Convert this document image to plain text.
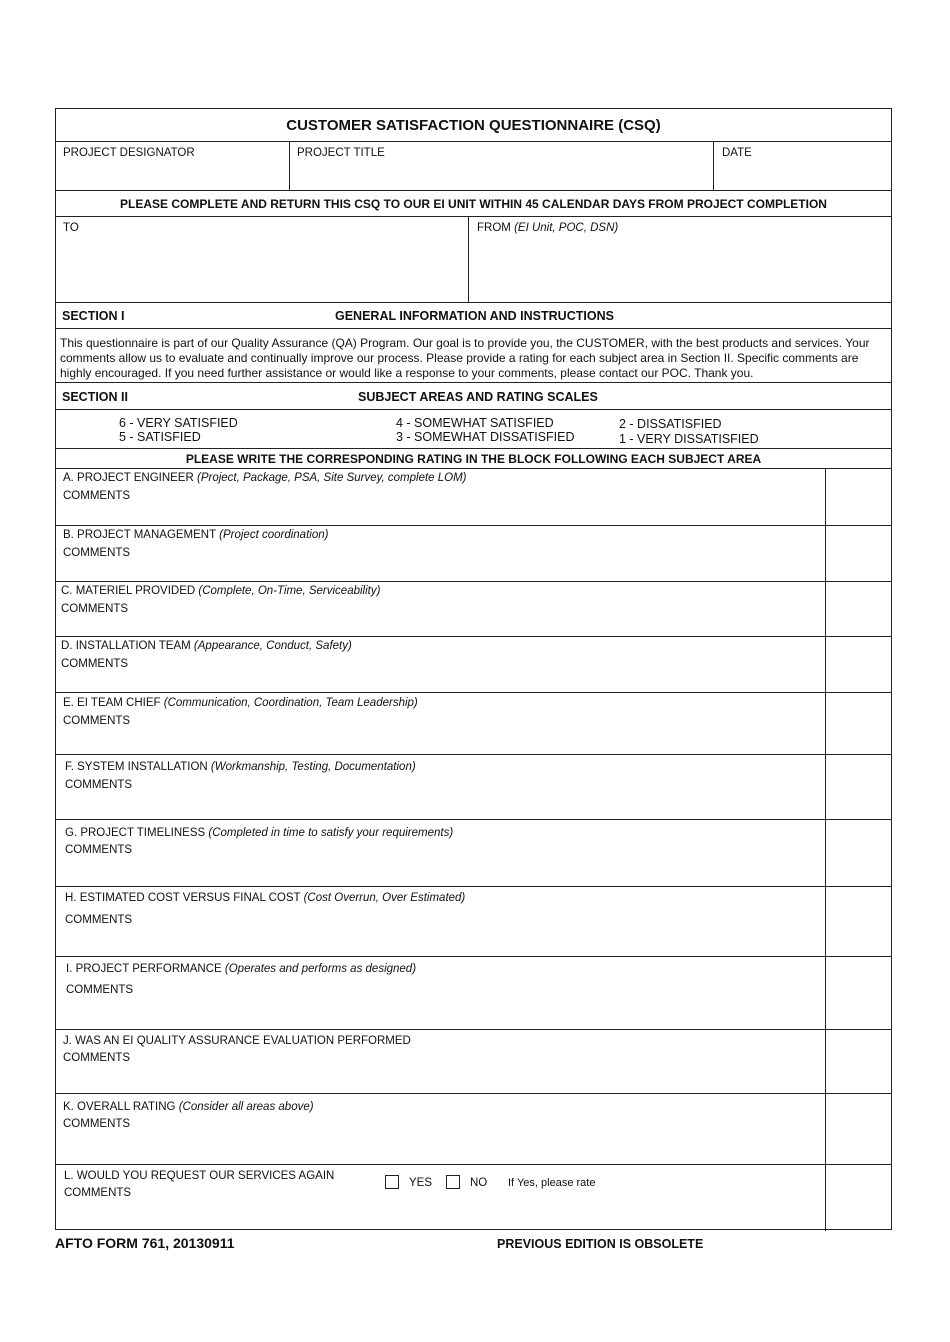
CUSTOMER SATISFACTION QUESTIONNAIRE (CSQ)
PROJECT DESIGNATOR	PROJECT TITLE	DATE
PLEASE COMPLETE AND RETURN THIS CSQ TO OUR EI UNIT WITHIN 45 CALENDAR DAYS FROM PROJECT COMPLETION
TO	FROM (EI Unit, POC, DSN)
SECTION I	GENERAL INFORMATION AND INSTRUCTIONS
This questionnaire is part of our Quality Assurance (QA) Program. Our goal is to provide you, the CUSTOMER, with the best products and services. Your comments allow us to evaluate and continually improve our process. Please provide a rating for each subject area in Section II. Specific comments are highly encouraged. If you need further assistance or would like a response to your comments, please contact our POC. Thank you.
SECTION II	SUBJECT AREAS AND RATING SCALES
6 - VERY SATISFIED
5 - SATISFIED
4 - SOMEWHAT SATISFIED
3 - SOMEWHAT DISSATISFIED
2 - DISSATISFIED
1 - VERY DISSATISFIED
PLEASE WRITE THE CORRESPONDING RATING IN THE BLOCK FOLLOWING EACH SUBJECT AREA
A. PROJECT ENGINEER (Project, Package, PSA, Site Survey, complete LOM)
COMMENTS
B. PROJECT MANAGEMENT (Project coordination)
COMMENTS
C. MATERIEL PROVIDED (Complete, On-Time, Serviceability)
COMMENTS
D. INSTALLATION TEAM (Appearance, Conduct, Safety)
COMMENTS
E. EI TEAM CHIEF (Communication, Coordination, Team Leadership)
COMMENTS
F. SYSTEM INSTALLATION (Workmanship, Testing, Documentation)
COMMENTS
G. PROJECT TIMELINESS (Completed in time to satisfy your requirements)
COMMENTS
H. ESTIMATED COST VERSUS FINAL COST (Cost Overrun, Over Estimated)
COMMENTS
I. PROJECT PERFORMANCE (Operates and performs as designed)
COMMENTS
J. WAS AN EI QUALITY ASSURANCE EVALUATION PERFORMED
COMMENTS
K. OVERALL RATING (Consider all areas above)
COMMENTS
L. WOULD YOU REQUEST OUR SERVICES AGAIN
COMMENTS
YES	NO If Yes, please rate
AFTO FORM 761, 20130911	PREVIOUS EDITION IS OBSOLETE
